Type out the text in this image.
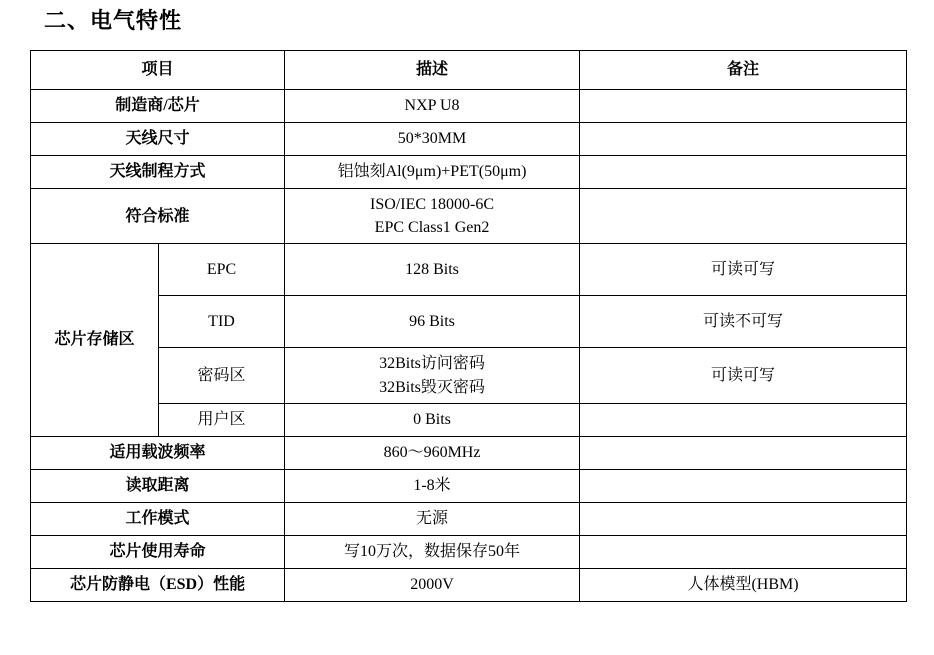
二、电气特性
项目		描述	备注
制造商/芯片		NXP U8	
天线尺寸		50*30MM	
天线制程方式		铝蚀刻Al(9μm)+PET(50μm)	
符合标准		ISO/IEC 18000-6C
EPC Class1 Gen2	

芯片存储区	EPC	128 Bits	可读可写
	TID	96 Bits	可读不可写
	密码区	32Bits访问密码
32Bits毁灭密码	可读可写
	用户区	0 Bits	
适用载波频率		860～960MHz	
读取距离		1-8米	
工作模式		无源	
芯片使用寿命		写10万次，数据保存50年	
芯片防静电（ESD）性能		2000V	人体模型(HBM)
